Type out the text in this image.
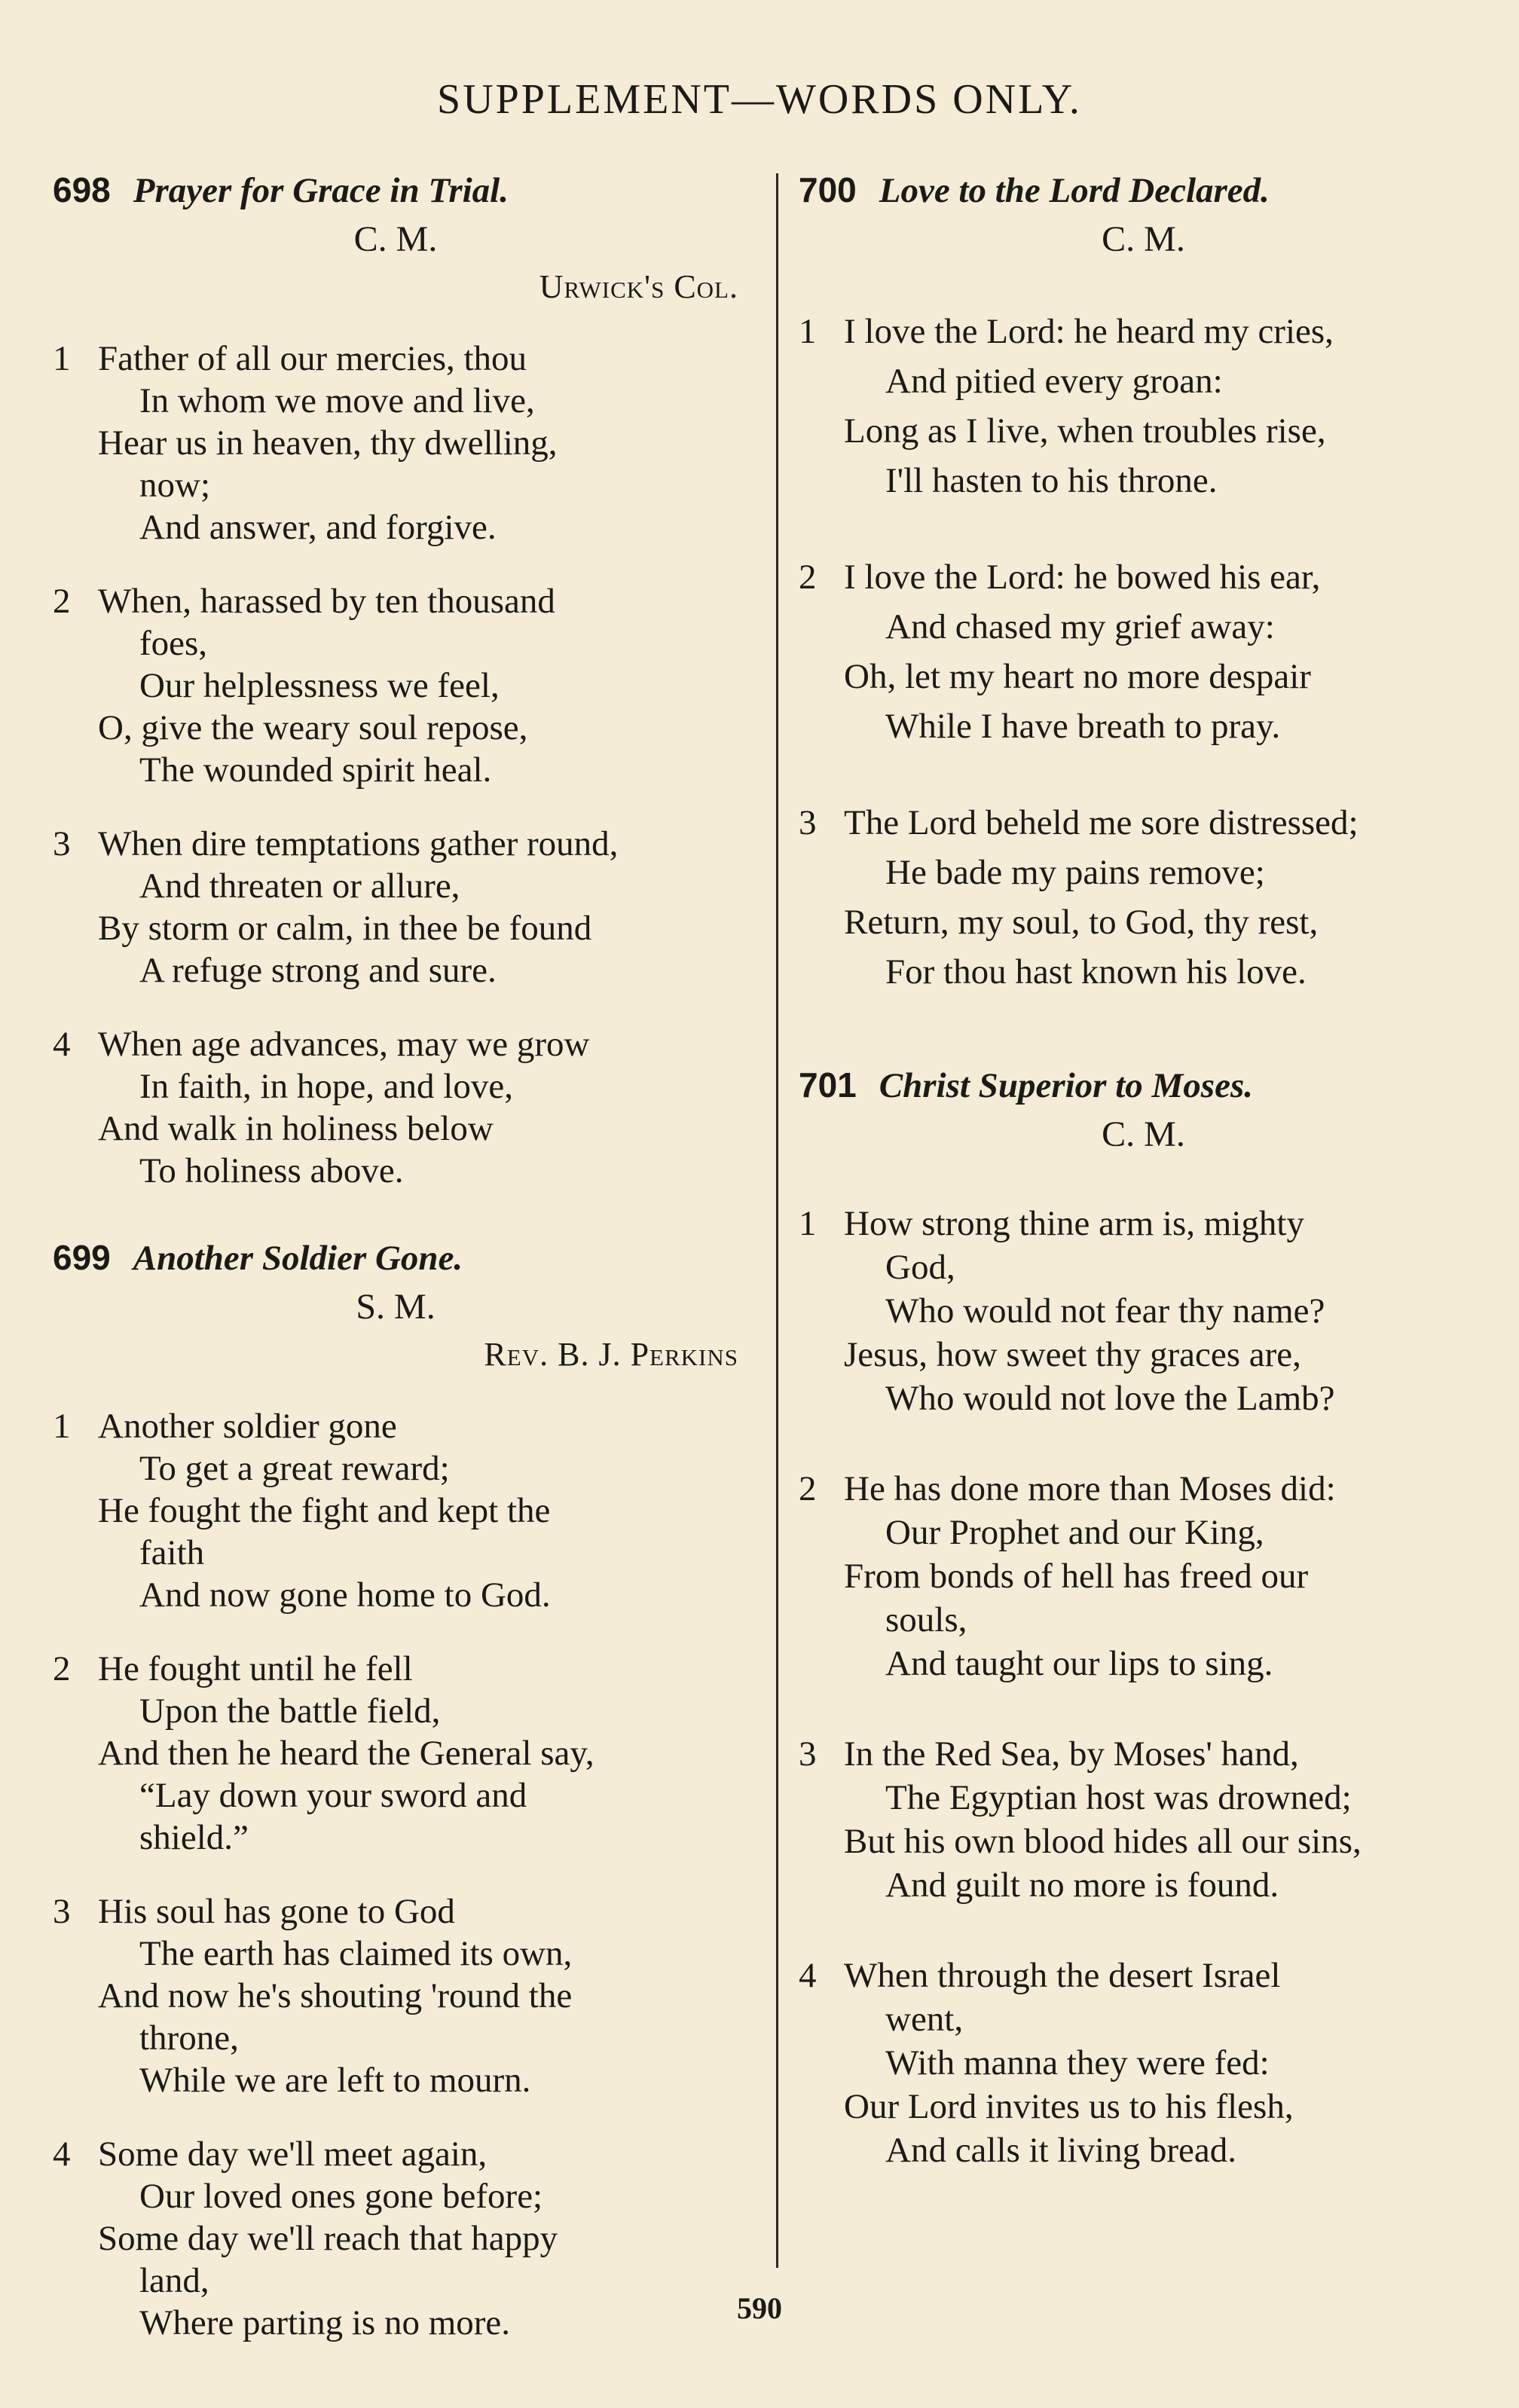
SUPPLEMENT—WORDS ONLY.
698 Prayer for Grace in Trial.
C. M.
Urwick's Col.
1 Father of all our mercies, thou
In whom we move and live,
Hear us in heaven, thy dwelling,
now;
And answer, and forgive.
2 When, harassed by ten thousand
foes,
Our helplessness we feel,
O, give the weary soul repose,
The wounded spirit heal.
3 When dire temptations gather round,
And threaten or allure,
By storm or calm, in thee be found
A refuge strong and sure.
4 When age advances, may we grow
In faith, in hope, and love,
And walk in holiness below
To holiness above.
699 Another Soldier Gone.
S. M.
Rev. B. J. Perkins
1 Another soldier gone
To get a great reward;
He fought the fight and kept the
faith
And now gone home to God.
2 He fought until he fell
Upon the battle field,
And then he heard the General say,
“Lay down your sword and
shield.”
3 His soul has gone to God
The earth has claimed its own,
And now he's shouting 'round the
throne,
While we are left to mourn.
4 Some day we'll meet again,
Our loved ones gone before;
Some day we'll reach that happy
land,
Where parting is no more.
700 Love to the Lord Declared.
C. M.
1 I love the Lord: he heard my cries,
And pitied every groan:
Long as I live, when troubles rise,
I'll hasten to his throne.
2 I love the Lord: he bowed his ear,
And chased my grief away:
Oh, let my heart no more despair
While I have breath to pray.
3 The Lord beheld me sore distressed;
He bade my pains remove;
Return, my soul, to God, thy rest,
For thou hast known his love.
701 Christ Superior to Moses.
C. M.
1 How strong thine arm is, mighty
God,
Who would not fear thy name?
Jesus, how sweet thy graces are,
Who would not love the Lamb?
2 He has done more than Moses did:
Our Prophet and our King,
From bonds of hell has freed our
souls,
And taught our lips to sing.
3 In the Red Sea, by Moses' hand,
The Egyptian host was drowned;
But his own blood hides all our sins,
And guilt no more is found.
4 When through the desert Israel
went,
With manna they were fed:
Our Lord invites us to his flesh,
And calls it living bread.
590
